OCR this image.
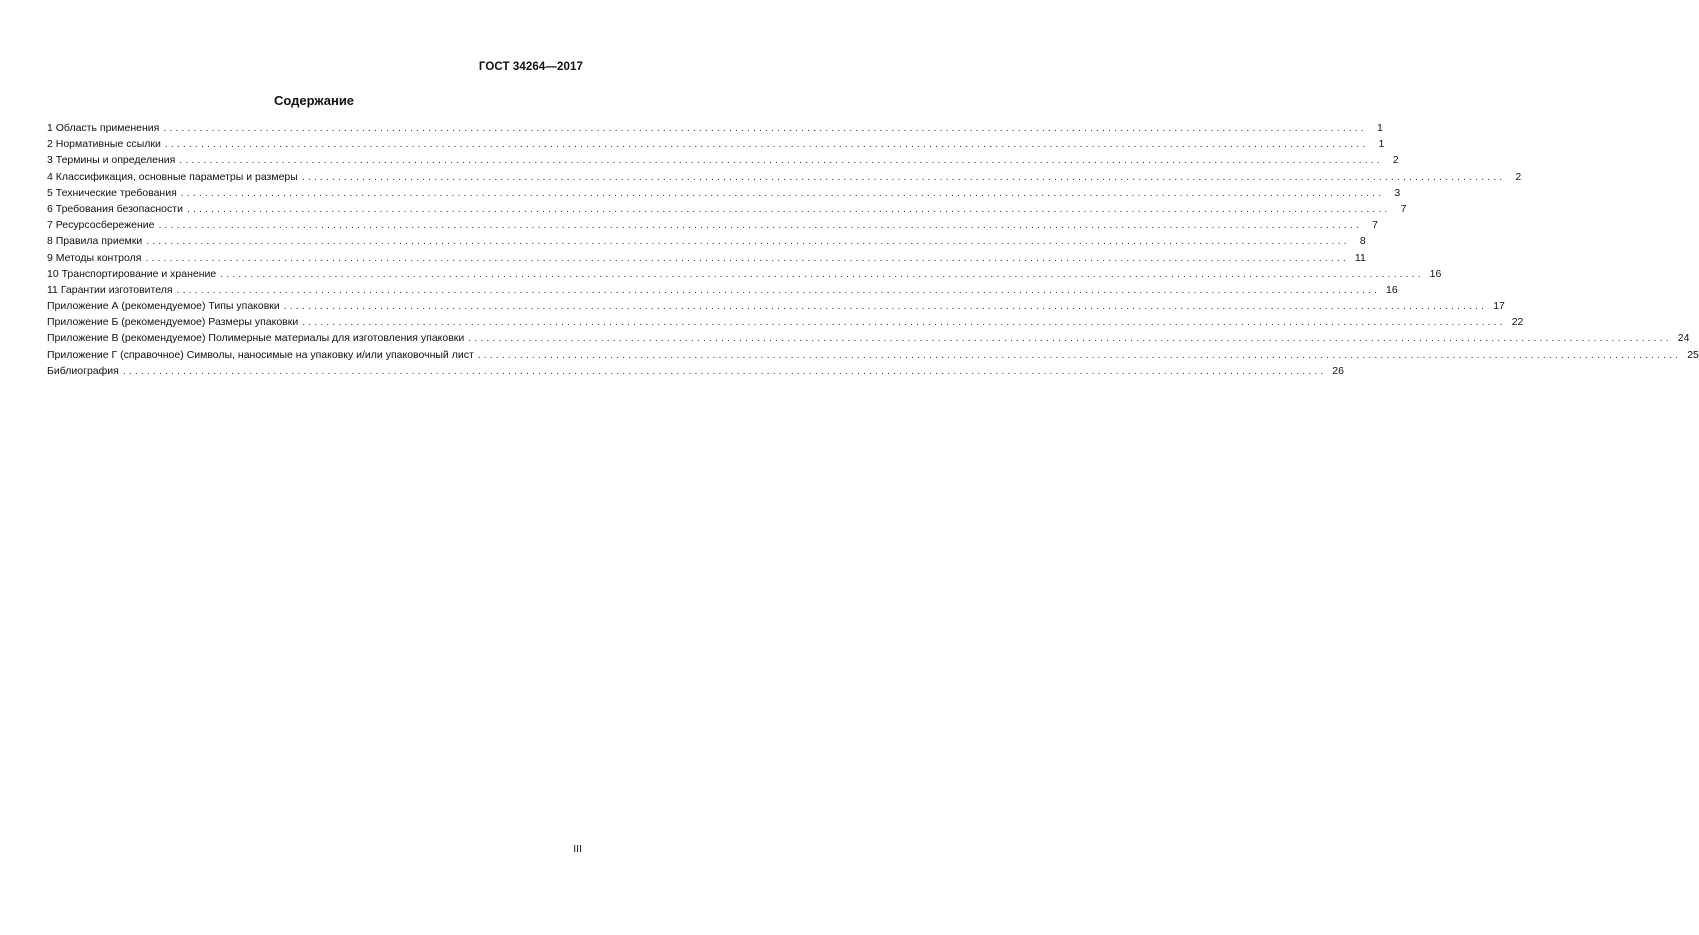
ГОСТ 34264—2017
Содержание
1 Область применения ........................................................................................................................................................................................................ 1
2 Нормативные ссылки ........................................................................................................................................................................................................ 1
3 Термины и определения ........................................................................................................................................................................................................ 2
4 Классификация, основные параметры и размеры ........................................................................................................................................................................................................ 2
5 Технические требования ........................................................................................................................................................................................................ 3
6 Требования безопасности ........................................................................................................................................................................................................ 7
7 Ресурсосбережение ........................................................................................................................................................................................................ 7
8 Правила приемки ........................................................................................................................................................................................................ 8
9 Методы контроля ........................................................................................................................................................................................................ 11
10 Транспортирование и хранение ........................................................................................................................................................................................................ 16
11 Гарантии изготовителя ........................................................................................................................................................................................................ 16
Приложение А (рекомендуемое) Типы упаковки ........................................................................................................................................................................................................ 17
Приложение Б (рекомендуемое) Размеры упаковки ........................................................................................................................................................................................................ 22
Приложение В (рекомендуемое) Полимерные материалы для изготовления упаковки ........................................................................................................................................................................................................ 24
Приложение Г (справочное) Символы, наносимые на упаковку и/или упаковочный лист ........................................................................................................................................................................................................ 25
Библиография ........................................................................................................................................................................................................ 26
III
